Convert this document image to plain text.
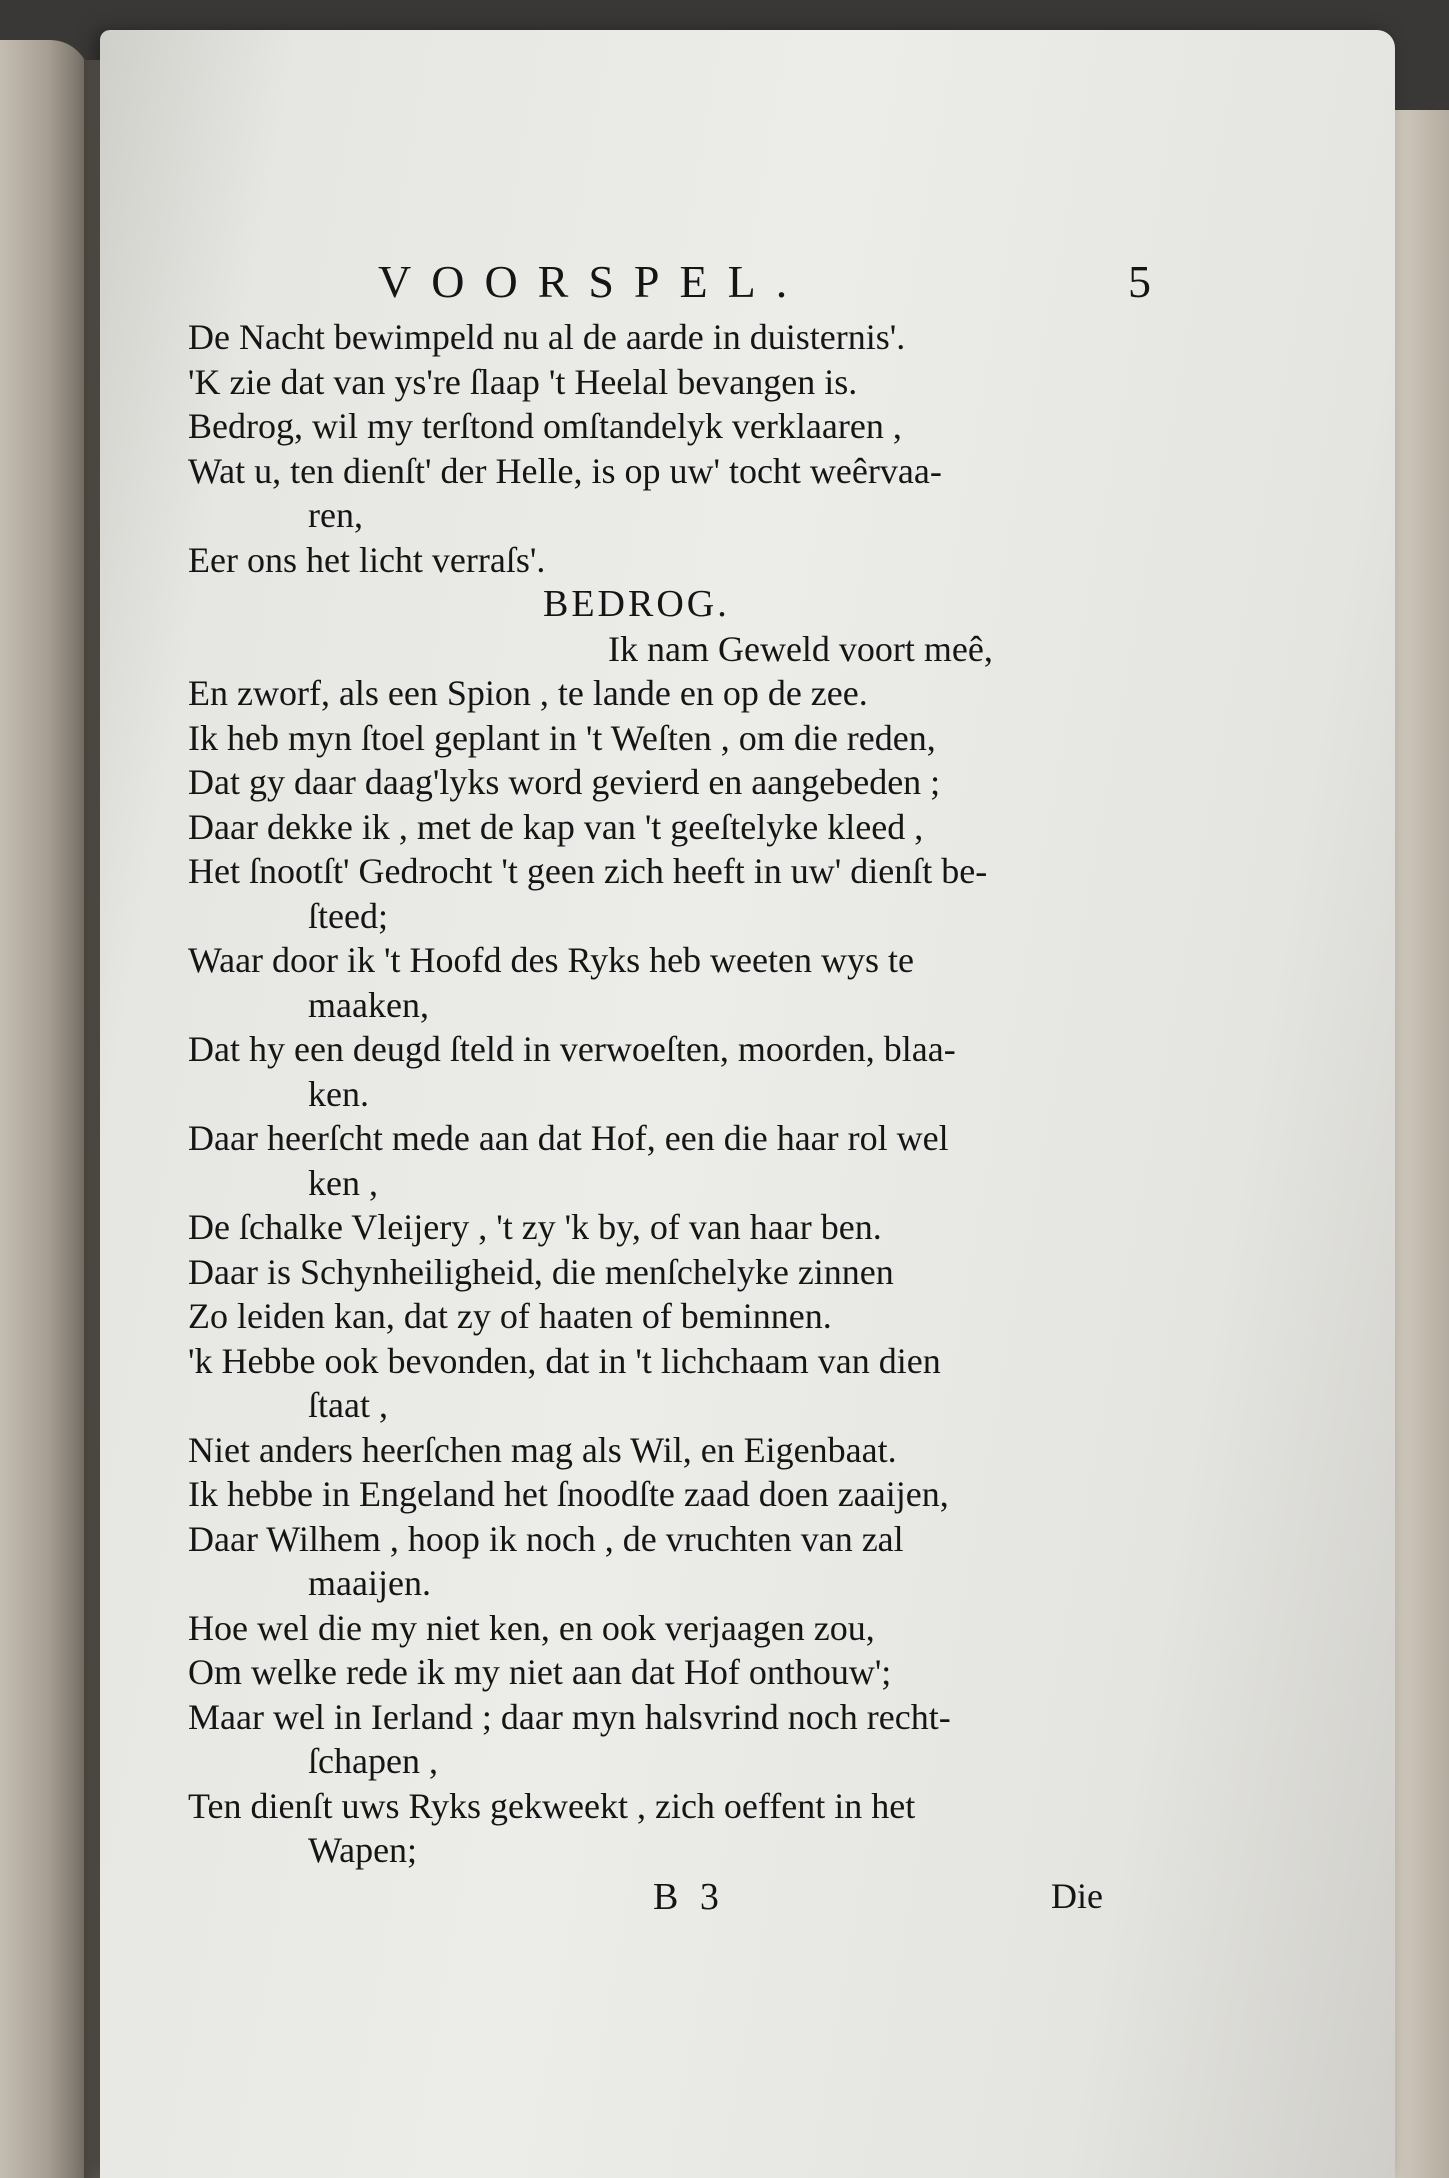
VOORSPEL.	5
De Nacht bewimpeld nu al de aarde in duisternis'.
'K zie dat van ys're ſlaap 't Heelal bevangen is.
Bedrog, wil my terſtond omſtandelyk verklaaren ,
Wat u, ten dienſt' der Helle, is op uw' tocht weêrvaa-
ren,
Eer ons het licht verraſs'.
BEDROG.
Ik nam Geweld voort meê,
En zworf, als een Spion , te lande en op de zee.
Ik heb myn ſtoel geplant in 't Weſten , om die reden,
Dat gy daar daag'lyks word gevierd en aangebeden ;
Daar dekke ik , met de kap van 't geeſtelyke kleed ,
Het ſnootſt' Gedrocht 't geen zich heeft in uw' dienſt be-
ſteed;
Waar door ik 't Hoofd des Ryks heb weeten wys te
maaken,
Dat hy een deugd ſteld in verwoeſten, moorden, blaa-
ken.
Daar heerſcht mede aan dat Hof, een die haar rol wel
ken ,
De ſchalke Vleijery , 't zy 'k by, of van haar ben.
Daar is Schynheiligheid, die menſchelyke zinnen
Zo leiden kan, dat zy of haaten of beminnen.
'k Hebbe ook bevonden, dat in 't lichchaam van dien
ſtaat ,
Niet anders heerſchen mag als Wil, en Eigenbaat.
Ik hebbe in Engeland het ſnoodſte zaad doen zaaijen,
Daar Wilhem , hoop ik noch , de vruchten van zal
maaijen.
Hoe wel die my niet ken, en ook verjaagen zou,
Om welke rede ik my niet aan dat Hof onthouw';
Maar wel in Ierland ; daar myn halsvrind noch recht-
ſchapen ,
Ten dienſt uws Ryks gekweekt , zich oeffent in het
Wapen;
B 3	Die
